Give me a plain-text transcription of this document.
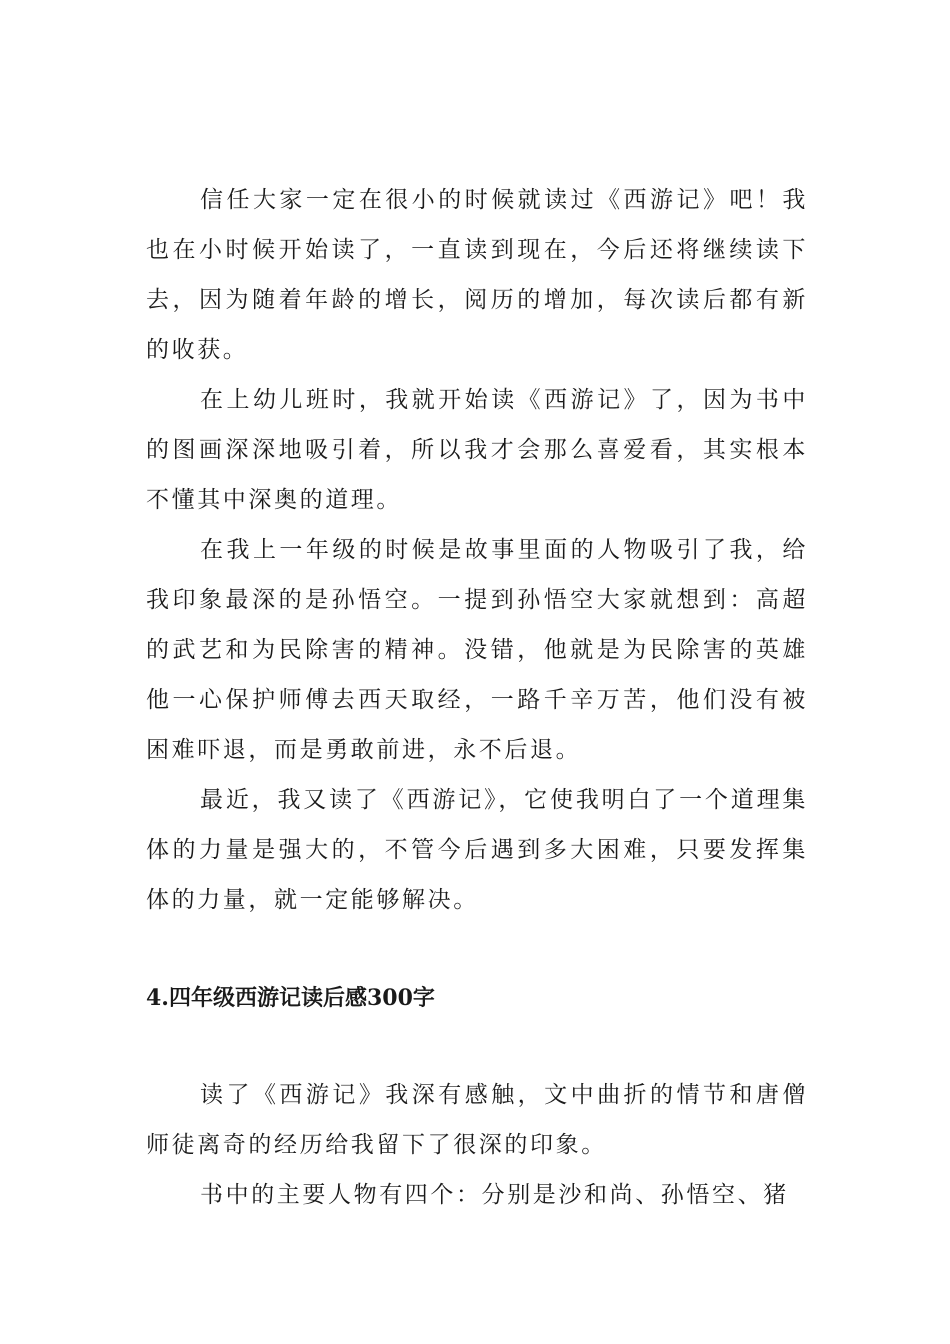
信任大家一定在很小的时候就读过《西游记》吧！我也在小时候开始读了，一直读到现在，今后还将继续读下去，因为随着年龄的增长，阅历的增加，每次读后都有新的收获。

在上幼儿班时，我就开始读《西游记》了，因为书中的图画深深地吸引着，所以我才会那么喜爱看，其实根本不懂其中深奥的道理。

在我上一年级的时候是故事里面的人物吸引了我，给我印象最深的是孙悟空。一提到孙悟空大家就想到：高超的武艺和为民除害的精神。没错，他就是为民除害的英雄他一心保护师傅去西天取经，一路千辛万苦，他们没有被困难吓退，而是勇敢前进，永不后退。

最近，我又读了《西游记》，它使我明白了一个道理集体的力量是强大的，不管今后遇到多大困难，只要发挥集体的力量，就一定能够解决。

4.四年级西游记读后感300字

读了《西游记》我深有感触，文中曲折的情节和唐僧师徒离奇的经历给我留下了很深的印象。

书中的主要人物有四个：分别是沙和尚、孙悟空、猪
